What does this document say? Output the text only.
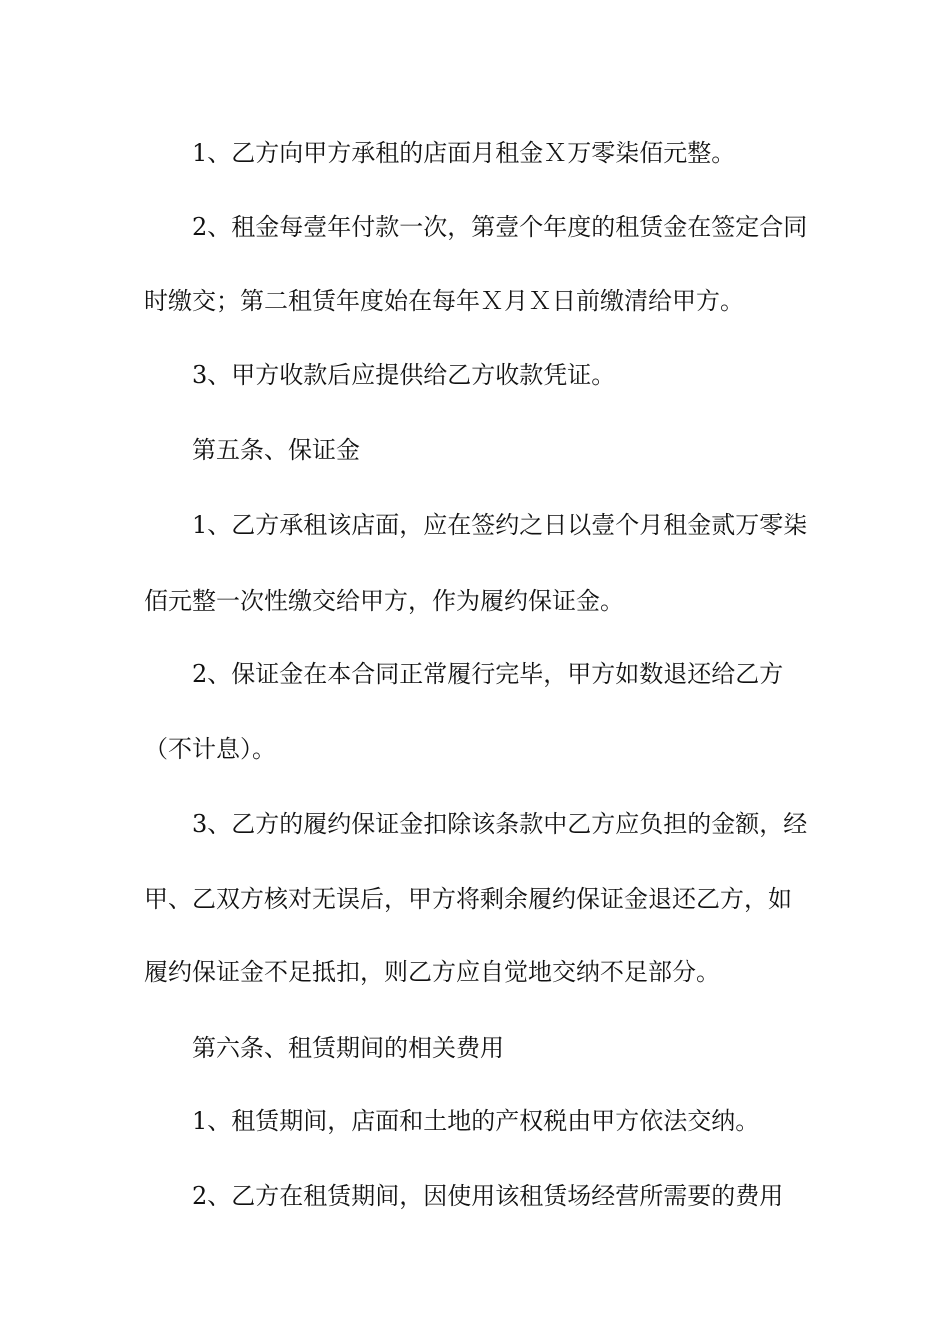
1、乙方向甲方承租的店面月租金Ｘ万零柒佰元整。
2、租金每壹年付款一次，第壹个年度的租赁金在签定合同
时缴交；第二租赁年度始在每年Ｘ月Ｘ日前缴清给甲方。
3、甲方收款后应提供给乙方收款凭证。
第五条、保证金
1、乙方承租该店面，应在签约之日以壹个月租金贰万零柒
佰元整一次性缴交给甲方，作为履约保证金。
2、保证金在本合同正常履行完毕，甲方如数退还给乙方
（不计息）。
3、乙方的履约保证金扣除该条款中乙方应负担的金额，经
甲、乙双方核对无误后，甲方将剩余履约保证金退还乙方，如
履约保证金不足抵扣，则乙方应自觉地交纳不足部分。
第六条、租赁期间的相关费用
1、租赁期间，店面和土地的产权税由甲方依法交纳。
2、乙方在租赁期间，因使用该租赁场经营所需要的费用
